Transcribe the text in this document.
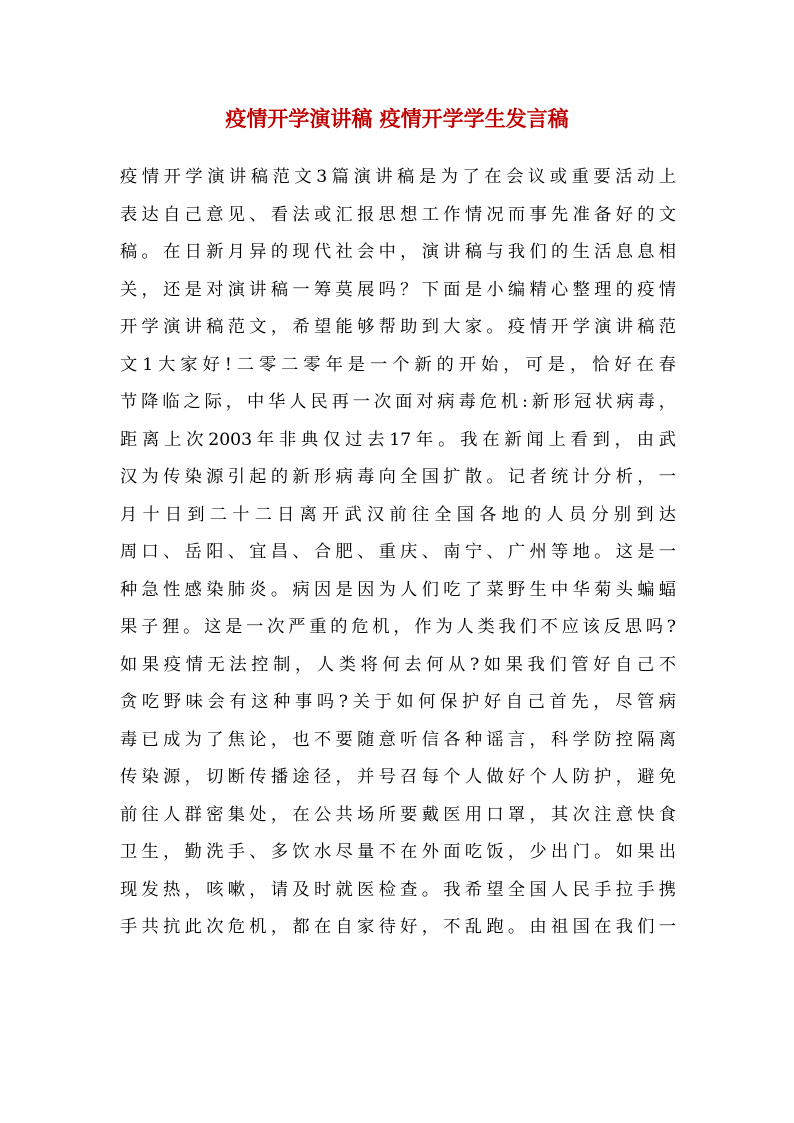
疫情开学演讲稿 疫情开学学生发言稿
疫情开学演讲稿范文3篇演讲稿是为了在会议或重要活动上
表达自己意见、看法或汇报思想工作情况而事先准备好的文
稿。在日新月异的现代社会中，演讲稿与我们的生活息息相
关，还是对演讲稿一筹莫展吗？下面是小编精心整理的疫情
开学演讲稿范文，希望能够帮助到大家。疫情开学演讲稿范
文1大家好!二零二零年是一个新的开始，可是，恰好在春
节降临之际，中华人民再一次面对病毒危机:新形冠状病毒，
距离上次2003年非典仅过去17年。我在新闻上看到，由武
汉为传染源引起的新形病毒向全国扩散。记者统计分析，一
月十日到二十二日离开武汉前往全国各地的人员分别到达
周口、岳阳、宜昌、合肥、重庆、南宁、广州等地。这是一
种急性感染肺炎。病因是因为人们吃了菜野生中华菊头蝙蝠
果子狸。这是一次严重的危机，作为人类我们不应该反思吗?
如果疫情无法控制，人类将何去何从?如果我们管好自己不
贪吃野味会有这种事吗?关于如何保护好自己首先，尽管病
毒已成为了焦论，也不要随意听信各种谣言，科学防控隔离
传染源，切断传播途径，并号召每个人做好个人防护，避免
前往人群密集处，在公共场所要戴医用口罩，其次注意快食
卫生，勤洗手、多饮水尽量不在外面吃饭，少出门。如果出
现发热，咳嗽，请及时就医检查。我希望全国人民手拉手携
手共抗此次危机，都在自家待好，不乱跑。由祖国在我们一
